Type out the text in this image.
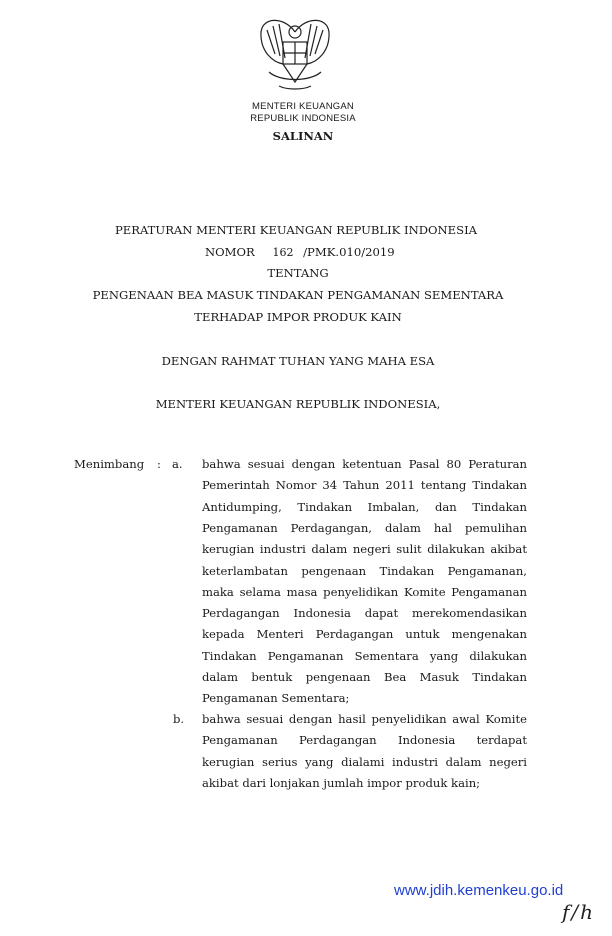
MENTERI KEUANGAN
REPUBLIK INDONESIA
SALINAN
PERATURAN MENTERI KEUANGAN REPUBLIK INDONESIA
NOMOR 162 /PMK.010/2019
TENTANG
PENGENAAN BEA MASUK TINDAKAN PENGAMANAN SEMENTARA
TERHADAP IMPOR PRODUK KAIN
DENGAN RAHMAT TUHAN YANG MAHA ESA
MENTERI KEUANGAN REPUBLIK INDONESIA,
Menimbang : a.
b.
bahwa sesuai dengan ketentuan Pasal 80 Peraturan
Pemerintah Nomor 34 Tahun 2011 tentang Tindakan
Antidumping, Tindakan Imbalan, dan Tindakan
Pengamanan Perdagangan, dalam hal pemulihan
kerugian industri dalam negeri sulit dilakukan akibat
keterlambatan pengenaan Tindakan Pengamanan,
maka selama masa penyelidikan Komite Pengamanan
Perdagangan Indonesia dapat merekomendasikan
kepada Menteri Perdagangan untuk mengenakan
Tindakan Pengamanan Sementara yang dilakukan
dalam bentuk pengenaan Bea Masuk Tindakan
Pengamanan Sementara;
bahwa sesuai dengan hasil penyelidikan awal Komite
Pengamanan Perdagangan Indonesia terdapat
kerugian serius yang dialami industri dalam negeri
akibat dari lonjakan jumlah impor produk kain;
www.jdih.kemenkeu.go.id
f/h
